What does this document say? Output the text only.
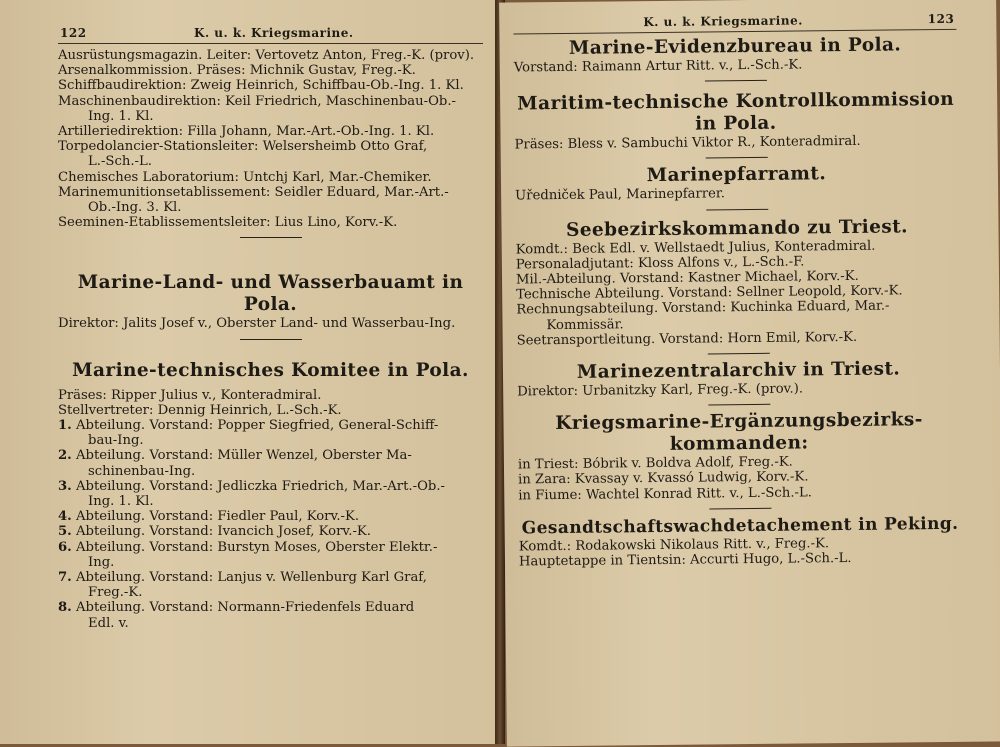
122	K. u. k. Kriegsmarine.
Ausrüstungsmagazin. Leiter: Vertovetz Anton, Freg.-K. (prov).
Arsenalkommission. Präses: Michnik Gustav, Freg.-K.
Schiffbaudirektion: Zweig Heinrich, Schiffbau-Ob.-Ing. 1. Kl.
Maschinenbaudirektion: Keil Friedrich, Maschinenbau-Ob.-
Ing. 1. Kl.
Artilleriedirektion: Filla Johann, Mar.-Art.-Ob.-Ing. 1. Kl.
Torpedolancier-Stationsleiter: Welsersheimb Otto Graf,
L.-Sch.-L.
Chemisches Laboratorium: Untchj Karl, Mar.-Chemiker.
Marinemunitionsetablissement: Seidler Eduard, Mar.-Art.-
Ob.-Ing. 3. Kl.
Seeminen-Etablissementsleiter: Lius Lino, Korv.-K.
Marine-Land- und Wasserbauamt in Pola.
Direktor: Jalits Josef v., Oberster Land- und Wasserbau-Ing.
Marine-technisches Komitee in Pola.
Präses: Ripper Julius v., Konteradmiral.
Stellvertreter: Dennig Heinrich, L.-Sch.-K.
1. Abteilung. Vorstand: Popper Siegfried, General-Schiff-
bau-Ing.
2. Abteilung. Vorstand: Müller Wenzel, Oberster Ma-
schinenbau-Ing.
3. Abteilung. Vorstand: Jedliczka Friedrich, Mar.-Art.-Ob.-
Ing. 1. Kl.
4. Abteilung. Vorstand: Fiedler Paul, Korv.-K.
5. Abteilung. Vorstand: Ivancich Josef, Korv.-K.
6. Abteilung. Vorstand: Burstyn Moses, Oberster Elektr.-
Ing.
7. Abteilung. Vorstand: Lanjus v. Wellenburg Karl Graf,
Freg.-K.
8. Abteilung. Vorstand: Normann-Friedenfels Eduard
Edl. v.
K. u. k. Kriegsmarine.	123
Marine-Evidenzbureau in Pola.
Vorstand: Raimann Artur Ritt. v., L.-Sch.-K.
Maritim-technische Kontrollkommission
in Pola.
Präses: Bless v. Sambuchi Viktor R., Konteradmiral.
Marinepfarramt.
Uředniček Paul, Marinepfarrer.
Seebezirkskommando zu Triest.
Komdt.: Beck Edl. v. Wellstaedt Julius, Konteradmiral.
Personaladjutant: Kloss Alfons v., L.-Sch.-F.
Mil.-Abteilung. Vorstand: Kastner Michael, Korv.-K.
Technische Abteilung. Vorstand: Sellner Leopold, Korv.-K.
Rechnungsabteilung. Vorstand: Kuchinka Eduard, Mar.-
Kommissär.
Seetransportleitung. Vorstand: Horn Emil, Korv.-K.
Marinezentralarchiv in Triest.
Direktor: Urbanitzky Karl, Freg.-K. (prov.).
Kriegsmarine-Ergänzungsbezirks-
kommanden:
in Triest: Bóbrik v. Boldva Adolf, Freg.-K.
in Zara: Kvassay v. Kvassó Ludwig, Korv.-K.
in Fiume: Wachtel Konrad Ritt. v., L.-Sch.-L.
Gesandtschaftswachdetachement in Peking.
Komdt.: Rodakowski Nikolaus Ritt. v., Freg.-K.
Hauptetappe in Tientsin: Accurti Hugo, L.-Sch.-L.
